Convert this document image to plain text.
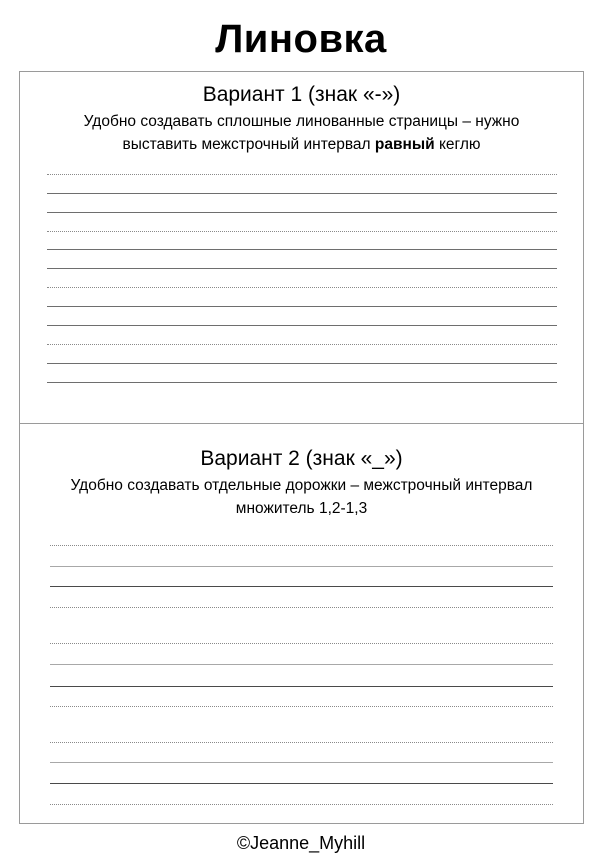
Линовка
Вариант 1 (знак «-»)
Удобно создавать сплошные линованные страницы – нужно
выставить межстрочный интервал равный кеглю
Вариант 2 (знак «_»)
Удобно создавать отдельные дорожки – межстрочный интервал
множитель 1,2-1,3
©Jeanne_Myhill
